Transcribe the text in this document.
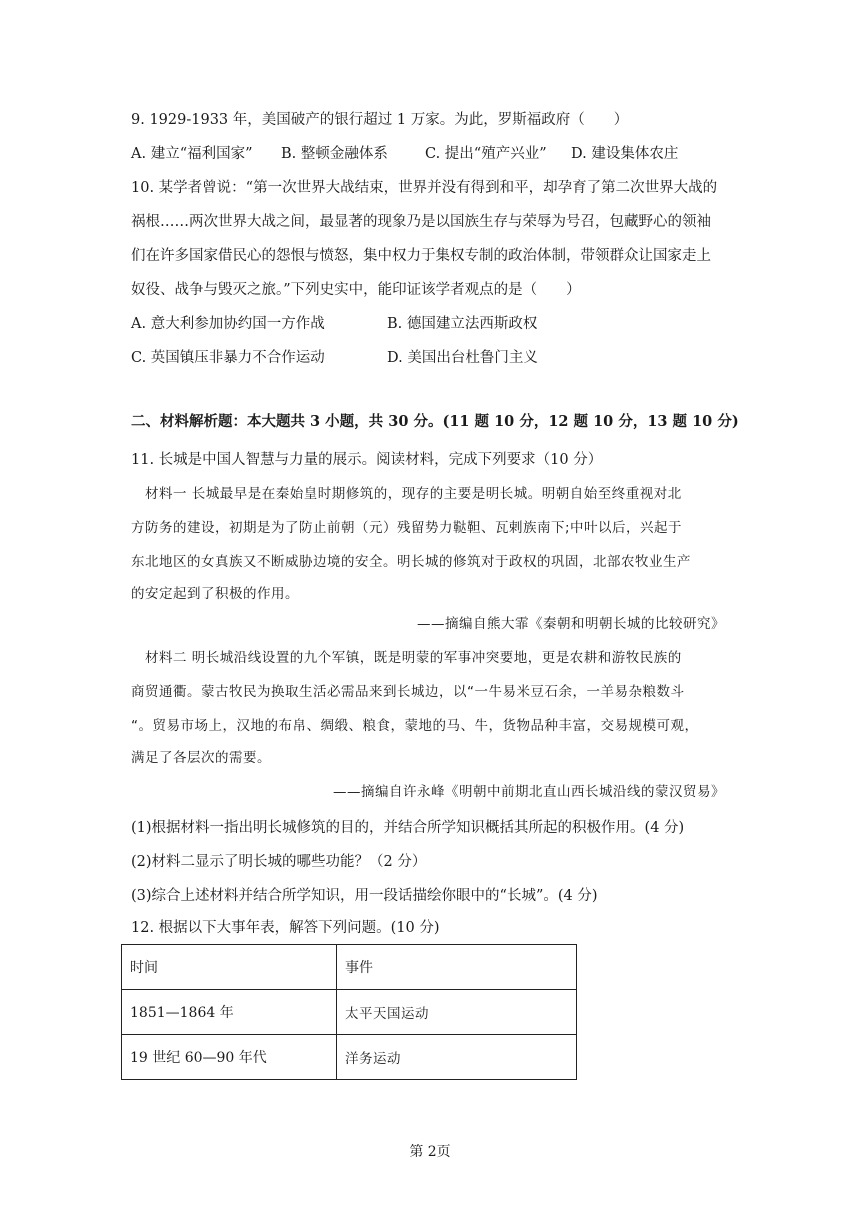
9. 1929-1933 年，美国破产的银行超过 1 万家。为此，罗斯福政府（　　）
A. 建立“福利国家” B. 整顿金融体系	C. 提出“殖产兴业” D. 建设集体农庄
10. 某学者曾说：“第一次世界大战结束，世界并没有得到和平，却孕育了第二次世界大战的
祸根……两次世界大战之间，最显著的现象乃是以国族生存与荣辱为号召，包藏野心的领袖
们在许多国家借民心的怨恨与愤怒，集中权力于集权专制的政治体制，带领群众让国家走上
奴役、战争与毁灭之旅。”下列史实中，能印证该学者观点的是（　　）
A. 意大利参加协约国一方作战	B. 德国建立法西斯政权
C. 英国镇压非暴力不合作运动	D. 美国出台杜鲁门主义
二、材料解析题：本大题共 3 小题，共 30 分。(11 题 10 分，12 题 10 分，13 题 10 分)
11. 长城是中国人智慧与力量的展示。阅读材料，完成下列要求（10 分）
　材料一 长城最早是在秦始皇时期修筑的，现存的主要是明长城。明朝自始至终重视对北
方防务的建设，初期是为了防止前朝（元）残留势力鞑靼、瓦剌族南下;中叶以后，兴起于
东北地区的女真族又不断威胁边境的安全。明长城的修筑对于政权的巩固，北部农牧业生产
的安定起到了积极的作用。
——摘编自熊大霏《秦朝和明朝长城的比较研究》
　材料二 明长城沿线设置的九个军镇，既是明蒙的军事冲突要地，更是农耕和游牧民族的
商贸通衢。蒙古牧民为换取生活必需品来到长城边，以“一牛易米豆石余，一羊易杂粮数斗
“。贸易市场上，汉地的布帛、绸缎、粮食，蒙地的马、牛，货物品种丰富，交易规模可观，
满足了各层次的需要。
——摘编自许永峰《明朝中前期北直山西长城沿线的蒙汉贸易》
(1)根据材料一指出明长城修筑的目的，并结合所学知识概括其所起的积极作用。(4 分)
(2)材料二显示了明长城的哪些功能？（2 分）
(3)综合上述材料并结合所学知识，用一段话描绘你眼中的“长城”。(4 分)
12. 根据以下大事年表，解答下列问题。(10 分)
时间	事件
1851—1864 年	太平天国运动
19 世纪 60—90 年代	洋务运动
第 2页
